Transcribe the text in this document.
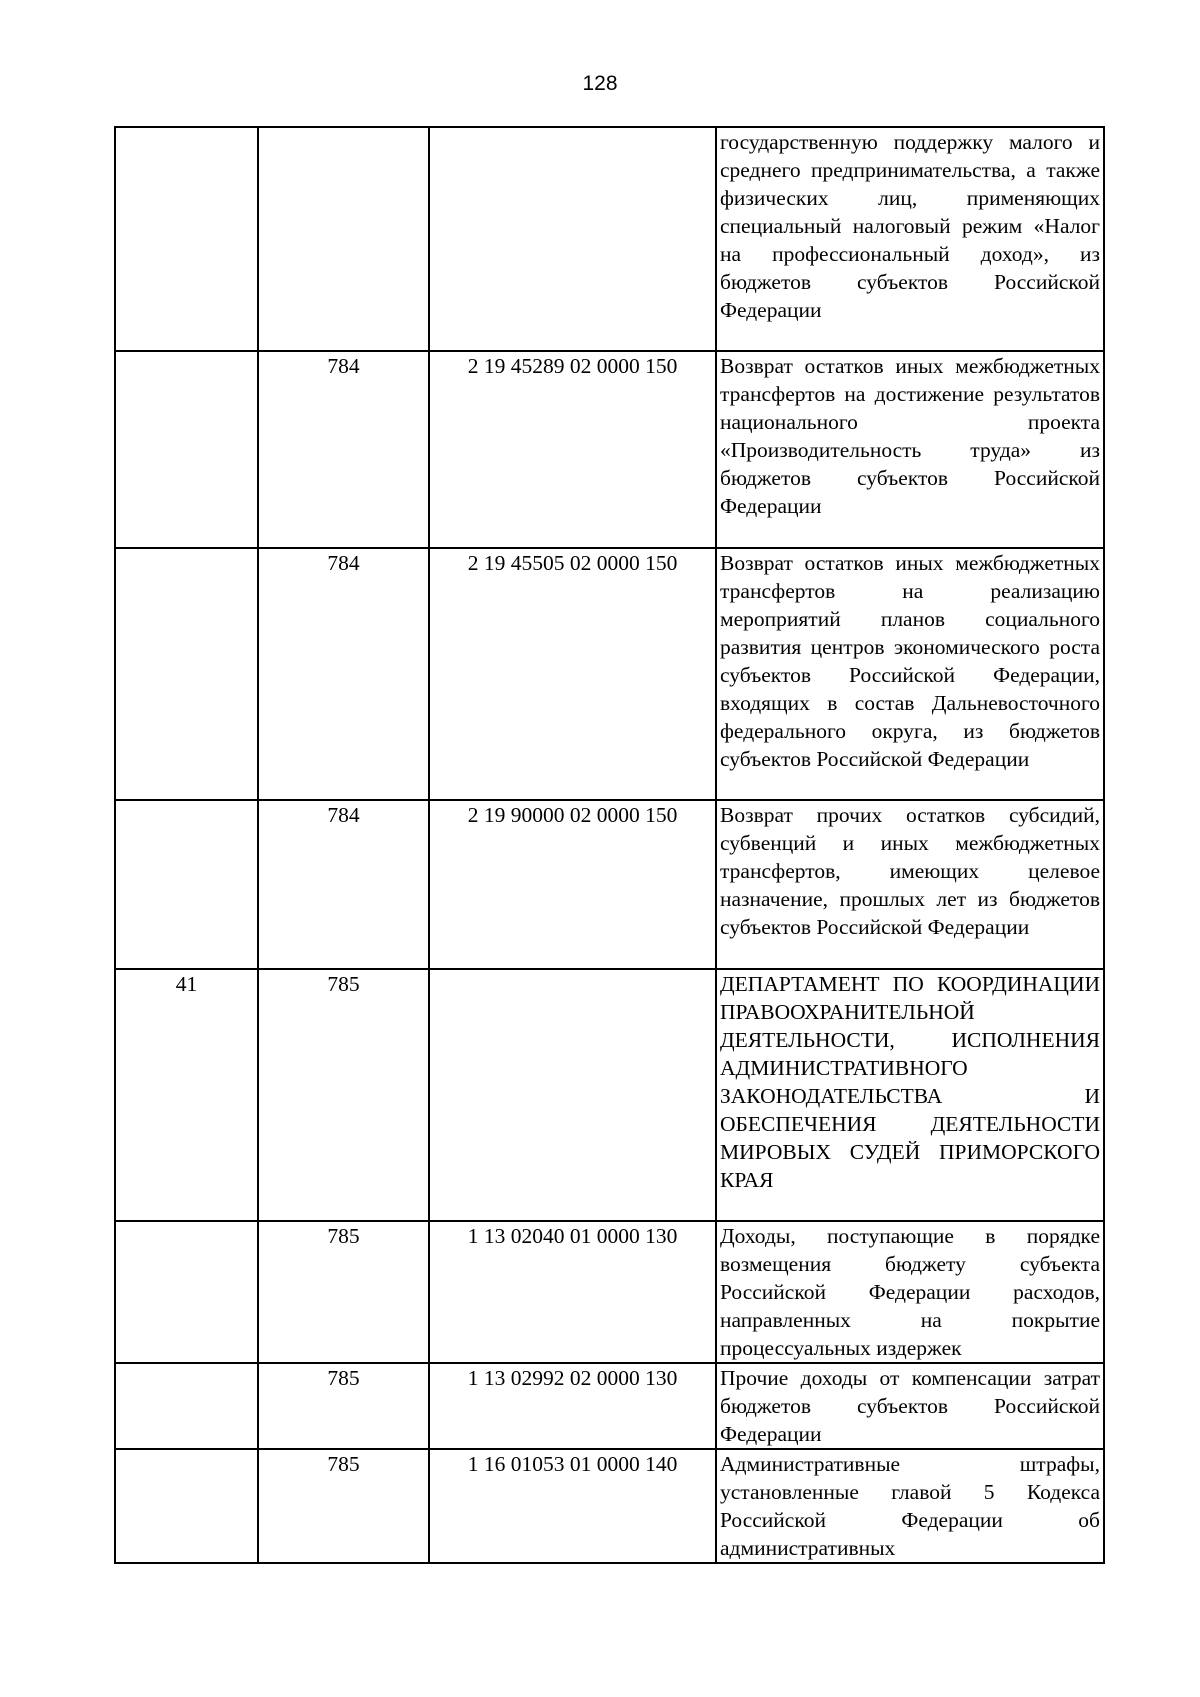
128
			государственную поддержку малого и среднего предпринимательства, а также физических лиц, применяющих специальный налоговый режим «Налог на профессиональный доход», из бюджетов субъектов Российской Федерации
	784	2 19 45289 02 0000 150	Возврат остатков иных межбюджетных трансфертов на достижение результатов национального проекта «Производительность труда» из бюджетов субъектов Российской Федерации
	784	2 19 45505 02 0000 150	Возврат остатков иных межбюджетных трансфертов на реализацию мероприятий планов социального развития центров экономического роста субъектов Российской Федерации, входящих в состав Дальневосточного федерального округа, из бюджетов субъектов Российской Федерации
	784	2 19 90000 02 0000 150	Возврат прочих остатков субсидий, субвенций и иных межбюджетных трансфертов, имеющих целевое назначение, прошлых лет из бюджетов субъектов Российской Федерации
41	785		ДЕПАРТАМЕНТ ПО КООРДИНАЦИИ ПРАВООХРАНИТЕЛЬНОЙ ДЕЯТЕЛЬНОСТИ, ИСПОЛНЕНИЯ АДМИНИСТРАТИВНОГО ЗАКОНОДАТЕЛЬСТВА И ОБЕСПЕЧЕНИЯ ДЕЯТЕЛЬНОСТИ МИРОВЫХ СУДЕЙ ПРИМОРСКОГО КРАЯ
	785	1 13 02040 01 0000 130	Доходы, поступающие в порядке возмещения бюджету субъекта Российской Федерации расходов, направленных на покрытие процессуальных издержек
	785	1 13 02992 02 0000 130	Прочие доходы от компенсации затрат бюджетов субъектов Российской Федерации
	785	1 16 01053 01 0000 140	Административные штрафы, установленные главой 5 Кодекса Российской Федерации об административных
